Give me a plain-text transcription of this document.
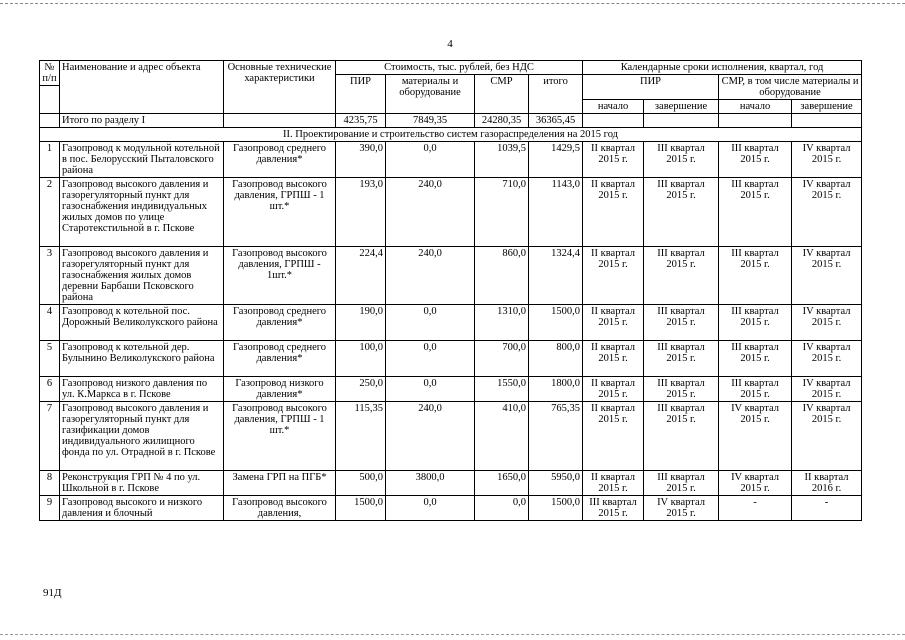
4
№ п/п	Наименование и адрес объекта	Основные технические характеристики	Стоимость, тыс. рублей, без НДС				Календарные сроки исполнения, квартал, год			
			ПИР	материалы и оборудование	СМР	итого	ПИР		СМР, в том числе материалы и оборудование	

							начало	завершение	начало	завершение
	Итого по разделу I		4235,75	7849,35	24280,35	36365,45				
II. Проектирование и строительство систем газораспределения на 2015 год										
1	Газопровод к модульной котельной в пос. Белорусский Пыталовского района	Газопровод среднего давления*	390,0	0,0	1039,5	1429,5	II квартал 2015 г.	III квартал 2015 г.	III квартал 2015 г.	IV квартал 2015 г.
2	Газопровод высокого давления и газорегуляторный пункт для газоснабжения индивидуальных жилых домов по улице Старотекстильной в г. Пскове	Газопровод высокого давления, ГРПШ - 1 шт.*	193,0	240,0	710,0	1143,0	II квартал 2015 г.	III квартал 2015 г.	III квартал 2015 г.	IV квартал 2015 г.
3	Газопровод высокого давления и газорегуляторный пункт для газоснабжения жилых домов деревни Барбаши Псковского района	Газопровод высокого давления, ГРПШ - 1шт.*	224,4	240,0	860,0	1324,4	II квартал 2015 г.	III квартал 2015 г.	III квартал 2015 г.	IV квартал 2015 г.
4	Газопровод к котельной пос. Дорожный Великолукского района	Газопровод среднего давления*	190,0	0,0	1310,0	1500,0	II квартал 2015 г.	III квартал 2015 г.	III квартал 2015 г.	IV квартал 2015 г.
5	Газопровод к котельной дер. Булынино Великолукского района	Газопровод среднего давления*	100,0	0,0	700,0	800,0	II квартал 2015 г.	III квартал 2015 г.	III квартал 2015 г.	IV квартал 2015 г.
6	Газопровод низкого давления по ул. К.Маркса в г. Пскове	Газопровод низкого давления*	250,0	0,0	1550,0	1800,0	II квартал 2015 г.	III квартал 2015 г.	III квартал 2015 г.	IV квартал 2015 г.
7	Газопровод высокого давления и газорегуляторный пункт для газификации домов индивидуального жилищного фонда по ул. Отрадной в г. Пскове	Газопровод высокого давления, ГРПШ - 1 шт.*	115,35	240,0	410,0	765,35	II квартал 2015 г.	III квартал 2015 г.	IV квартал 2015 г.	IV квартал 2015 г.
8	Реконструкция ГРП № 4 по ул. Школьной в г. Пскове	Замена ГРП на ПГБ*	500,0	3800,0	1650,0	5950,0	II квартал 2015 г.	III квартал 2015 г.	IV квартал 2015 г.	II квартал 2016 г.
9	Газопровод высокого и низкого давления и блочный	Газопровод высокого давления,	1500,0	0,0	0,0	1500,0	III квартал 2015 г.	IV квартал 2015 г.	-	-
91Д
